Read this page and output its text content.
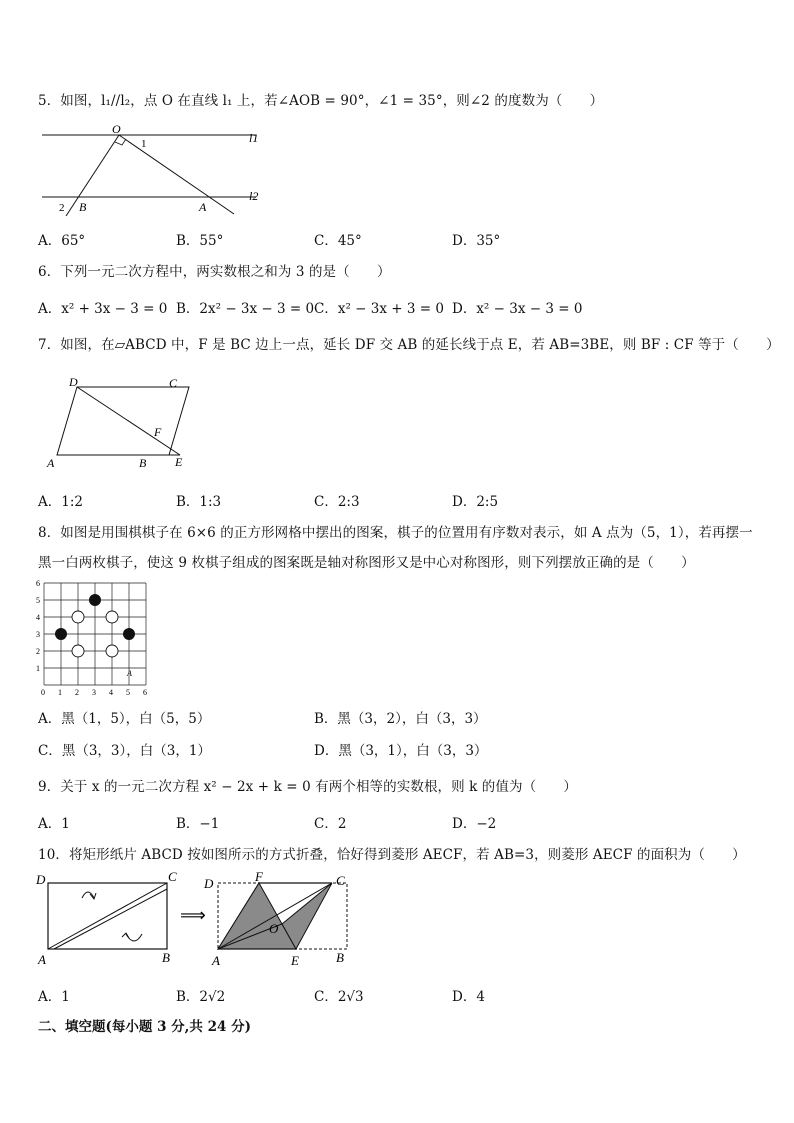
5．如图，l₁//l₂，点 O 在直线 l₁ 上，若∠AOB = 90°，∠1 = 35°，则∠2 的度数为（　　）
O
1	l1
l2
2 B	A
A．65°	B．55°	C．45°	D．35°
6．下列一元二次方程中，两实数根之和为 3 的是（　　）
A．x² + 3x − 3 = 0 B．2x² − 3x − 3 = 0 C．x² − 3x + 3 = 0 D．x² − 3x − 3 = 0
7．如图，在▱ABCD 中，F 是 BC 边上一点，延长 DF 交 AB 的延长线于点 E，若 AB=3BE，则 BF : CF 等于（　　）
D	C
F
A	B E
A．1:2	B．1:3	C．2:3	D．2:5
8．如图是用围棋棋子在 6×6 的正方形网格中摆出的图案，棋子的位置用有序数对表示，如 A 点为（5，1），若再摆一
黑一白两枚棋子，使这 9 枚棋子组成的图案既是轴对称图形又是中心对称图形，则下列摆放正确的是（　　）
0 1 2 3 4 5 6
1
2
3
4
5
6
A
A．黑（1，5），白（5，5）	B．黑（3，2），白（3，3）
C．黑（3，3），白（3，1）	D．黑（3，1），白（3，3）
9．关于 x 的一元二次方程 x² − 2x + k = 0 有两个相等的实数根，则 k 的值为（　　）
A．1	B．−1	C．2	D．−2
10．将矩形纸片 ABCD 按如图所示的方式折叠，恰好得到菱形 AECF，若 AB=3，则菱形 AECF 的面积为（　　）
D	C
A	B
⟹
D	F	C
O
A	E	B
A．1	B．2√2	C．2√3	D．4
二、填空题(每小题 3 分,共 24 分)
